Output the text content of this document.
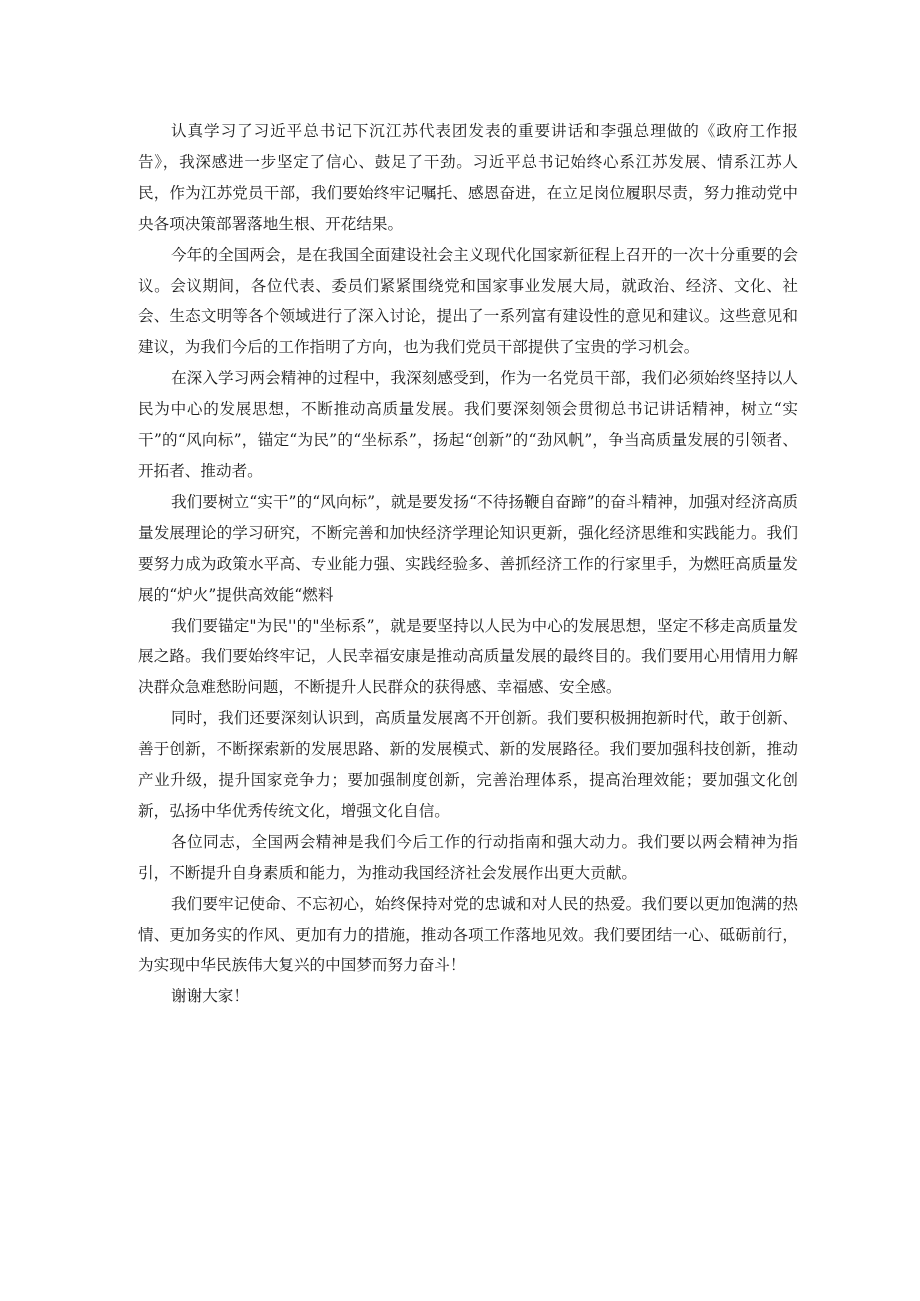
认真学习了习近平总书记下沉江苏代表团发表的重要讲话和李强总理做的《政府工作报告》，我深感进一步坚定了信心、鼓足了干劲。习近平总书记始终心系江苏发展、情系江苏人民，作为江苏党员干部，我们要始终牢记嘱托、感恩奋进，在立足岗位履职尽责，努力推动党中央各项决策部署落地生根、开花结果。

今年的全国两会，是在我国全面建设社会主义现代化国家新征程上召开的一次十分重要的会议。会议期间，各位代表、委员们紧紧围绕党和国家事业发展大局，就政治、经济、文化、社会、生态文明等各个领域进行了深入讨论，提出了一系列富有建设性的意见和建议。这些意见和建议，为我们今后的工作指明了方向，也为我们党员干部提供了宝贵的学习机会。

在深入学习两会精神的过程中，我深刻感受到，作为一名党员干部，我们必须始终坚持以人民为中心的发展思想，不断推动高质量发展。我们要深刻领会贯彻总书记讲话精神，树立“实干”的“风向标”，锚定“为民”的“坐标系”，扬起“创新”的“劲风帆”，争当高质量发展的引领者、开拓者、推动者。

我们要树立“实干”的“风向标”，就是要发扬“不待扬鞭自奋蹄”的奋斗精神，加强对经济高质量发展理论的学习研究，不断完善和加快经济学理论知识更新，强化经济思维和实践能力。我们要努力成为政策水平高、专业能力强、实践经验多、善抓经济工作的行家里手，为燃旺高质量发展的“炉火”提供高效能“燃料

我们要锚定"为民''的"坐标系”，就是要坚持以人民为中心的发展思想，坚定不移走高质量发展之路。我们要始终牢记，人民幸福安康是推动高质量发展的最终目的。我们要用心用情用力解决群众急难愁盼问题，不断提升人民群众的获得感、幸福感、安全感。

同时，我们还要深刻认识到，高质量发展离不开创新。我们要积极拥抱新时代，敢于创新、善于创新，不断探索新的发展思路、新的发展模式、新的发展路径。我们要加强科技创新，推动产业升级，提升国家竞争力；要加强制度创新，完善治理体系，提高治理效能；要加强文化创新，弘扬中华优秀传统文化，增强文化自信。

各位同志，全国两会精神是我们今后工作的行动指南和强大动力。我们要以两会精神为指引，不断提升自身素质和能力，为推动我国经济社会发展作出更大贡献。

我们要牢记使命、不忘初心，始终保持对党的忠诚和对人民的热爱。我们要以更加饱满的热情、更加务实的作风、更加有力的措施，推动各项工作落地见效。我们要团结一心、砥砺前行，为实现中华民族伟大复兴的中国梦而努力奋斗！

谢谢大家！
